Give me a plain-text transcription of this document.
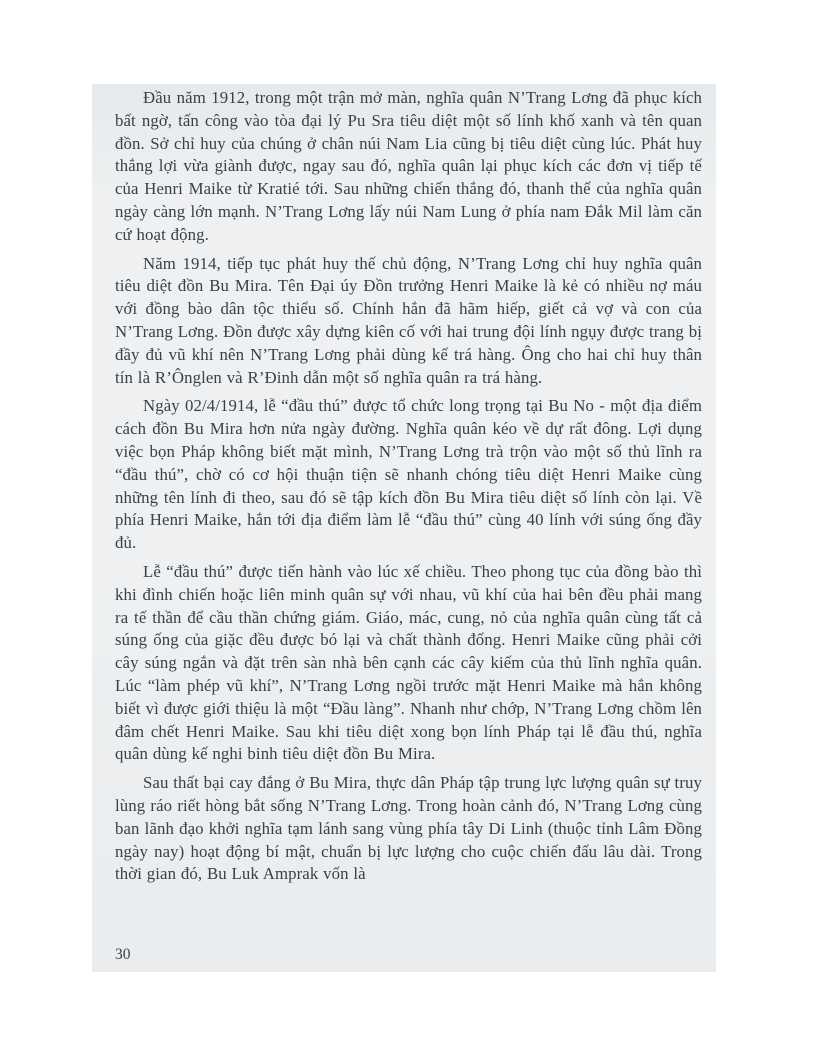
Đầu năm 1912, trong một trận mở màn, nghĩa quân N’Trang Lơng đã phục kích bất ngờ, tấn công vào tòa đại lý Pu Sra tiêu diệt một số lính khố xanh và tên quan đồn. Sở chỉ huy của chúng ở chân núi Nam Lia cũng bị tiêu diệt cùng lúc. Phát huy thắng lợi vừa giành được, ngay sau đó, nghĩa quân lại phục kích các đơn vị tiếp tế của Henri Maike từ Kratié tới. Sau những chiến thắng đó, thanh thế của nghĩa quân ngày càng lớn mạnh. N’Trang Lơng lấy núi Nam Lung ở phía nam Đắk Mil làm căn cứ hoạt động.

Năm 1914, tiếp tục phát huy thế chủ động, N’Trang Lơng chỉ huy nghĩa quân tiêu diệt đồn Bu Mira. Tên Đại úy Đồn trưởng Henri Maike là kẻ có nhiều nợ máu với đồng bào dân tộc thiểu số. Chính hắn đã hãm hiếp, giết cả vợ và con của N’Trang Lơng. Đồn được xây dựng kiên cố với hai trung đội lính ngụy được trang bị đầy đủ vũ khí nên N’Trang Lơng phải dùng kế trá hàng. Ông cho hai chỉ huy thân tín là R’Ônglen và R’Đinh dẫn một số nghĩa quân ra trá hàng.

Ngày 02/4/1914, lễ “đầu thú” được tổ chức long trọng tại Bu No - một địa điểm cách đồn Bu Mira hơn nửa ngày đường. Nghĩa quân kéo về dự rất đông. Lợi dụng việc bọn Pháp không biết mặt mình, N’Trang Lơng trà trộn vào một số thủ lĩnh ra “đầu thú”, chờ có cơ hội thuận tiện sẽ nhanh chóng tiêu diệt Henri Maike cùng những tên lính đi theo, sau đó sẽ tập kích đồn Bu Mira tiêu diệt số lính còn lại. Về phía Henri Maike, hắn tới địa điểm làm lễ “đầu thú” cùng 40 lính với súng ống đầy đủ.

Lễ “đầu thú” được tiến hành vào lúc xế chiều. Theo phong tục của đồng bào thì khi đình chiến hoặc liên minh quân sự với nhau, vũ khí của hai bên đều phải mang ra tế thần để cầu thần chứng giám. Giáo, mác, cung, nỏ của nghĩa quân cùng tất cả súng ống của giặc đều được bó lại và chất thành đống. Henri Maike cũng phải cởi cây súng ngắn và đặt trên sàn nhà bên cạnh các cây kiếm của thủ lĩnh nghĩa quân. Lúc “làm phép vũ khí”, N’Trang Lơng ngồi trước mặt Henri Maike mà hắn không biết vì được giới thiệu là một “Đầu làng”. Nhanh như chớp, N’Trang Lơng chồm lên đâm chết Henri Maike. Sau khi tiêu diệt xong bọn lính Pháp tại lễ đầu thú, nghĩa quân dùng kế nghi binh tiêu diệt đồn Bu Mira.

Sau thất bại cay đắng ở Bu Mira, thực dân Pháp tập trung lực lượng quân sự truy lùng ráo riết hòng bắt sống N’Trang Lơng. Trong hoàn cảnh đó, N’Trang Lơng cùng ban lãnh đạo khởi nghĩa tạm lánh sang vùng phía tây Di Linh (thuộc tỉnh Lâm Đồng ngày nay) hoạt động bí mật, chuẩn bị lực lượng cho cuộc chiến đấu lâu dài. Trong thời gian đó, Bu Luk Amprak vốn là

30
